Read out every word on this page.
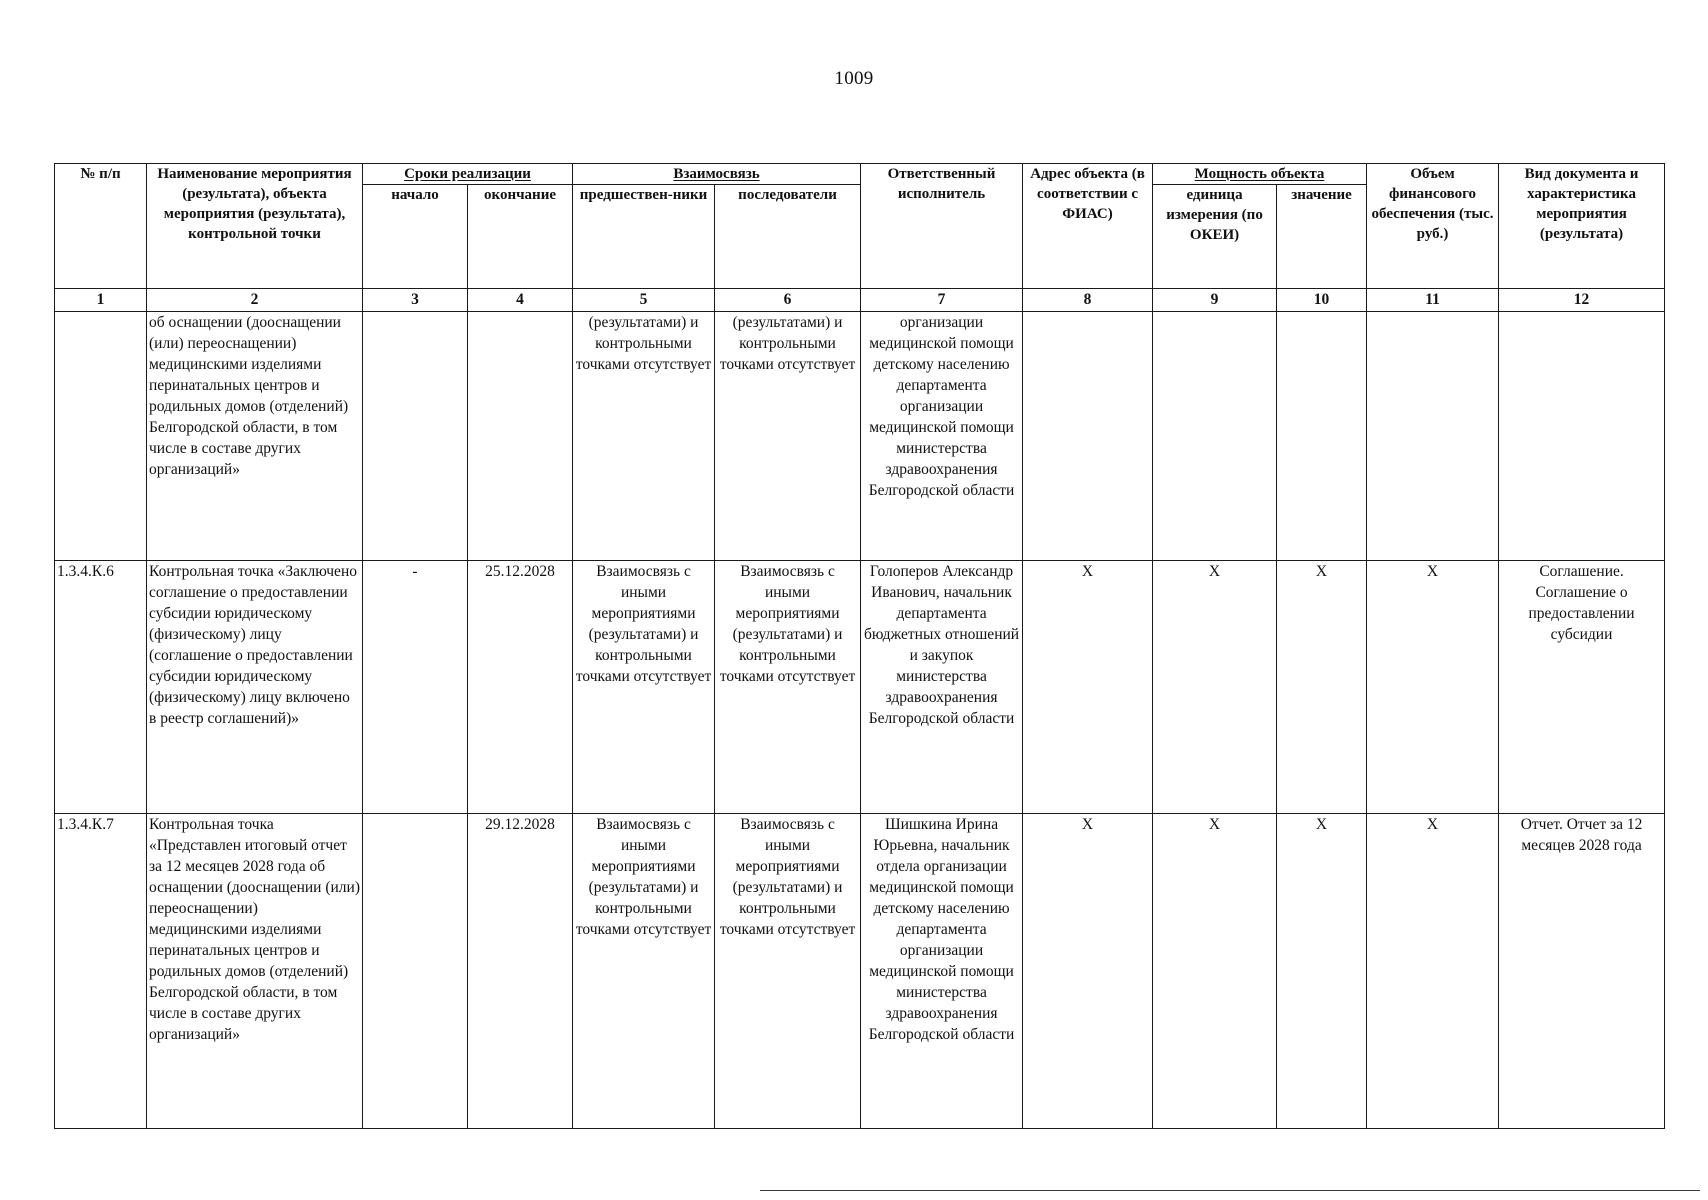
1009
№ п/п	Наименование мероприятия (результата), объекта мероприятия (результата), контрольной точки	Сроки реализации		Взаимосвязь		Ответственный исполнитель	Адрес объекта (в соответствии с ФИАС)	Мощность объекта		Объем финансового обеспечения (тыс. руб.)	Вид документа и характеристика мероприятия (результата)
		начало	окончание	предшествен-ники	последователи			единица измерения (по ОКЕИ)	значение		
1	2	3	4	5	6	7	8	9	10	11	12
	об оснащении (дооснащении (или) переоснащении) медицинскими изделиями перинатальных центров и родильных домов (отделений) Белгородской области, в том числе в составе других организаций»			(результатами) и контрольными точками отсутствует	(результатами) и контрольными точками отсутствует	организации медицинской помощи детскому населению департамента организации медицинской помощи министерства здравоохранения Белгородской области					
1.3.4.К.6	Контрольная точка «Заключено соглашение о предоставлении субсидии юридическому (физическому) лицу (соглашение о предоставлении субсидии юридическому (физическому) лицу включено в реестр соглашений)»	-	25.12.2028	Взаимосвязь с иными мероприятиями (результатами) и контрольными точками отсутствует	Взаимосвязь с иными мероприятиями (результатами) и контрольными точками отсутствует	Голоперов Александр Иванович, начальник департамента бюджетных отношений и закупок министерства здравоохранения Белгородской области	X	X	X	X	Соглашение. Соглашение о предоставлении субсидии
1.3.4.К.7	Контрольная точка «Представлен итоговый отчет за 12 месяцев 2028 года об оснащении (дооснащении (или) переоснащении) медицинскими изделиями перинатальных центров и родильных домов (отделений) Белгородской области, в том числе в составе других организаций»		29.12.2028	Взаимосвязь с иными мероприятиями (результатами) и контрольными точками отсутствует	Взаимосвязь с иными мероприятиями (результатами) и контрольными точками отсутствует	Шишкина Ирина Юрьевна, начальник отдела организации медицинской помощи детскому населению департамента организации медицинской помощи министерства здравоохранения Белгородской области	X	X	X	X	Отчет. Отчет за 12 месяцев 2028 года
